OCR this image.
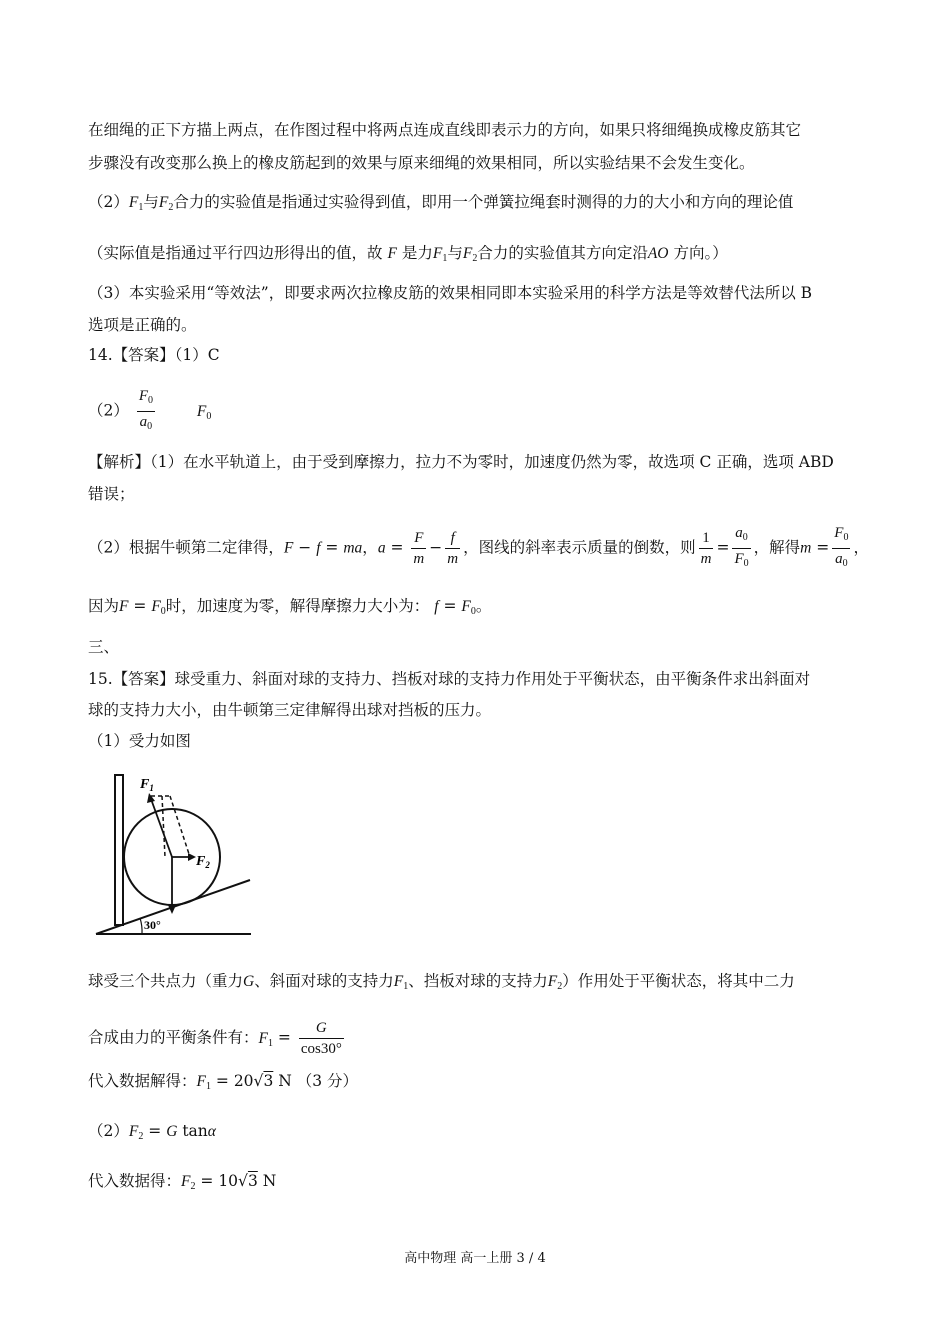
在细绳的正下方描上两点，在作图过程中将两点连成直线即表示力的方向，如果只将细绳换成橡皮筋其它
步骤没有改变那么换上的橡皮筋起到的效果与原来细绳的效果相同，所以实验结果不会发生变化。
$(2)F_1$与$F_2$合力的实验值是指通过实验得到值，即用一个弹簧拉绳套时测得的力的大小和方向的理论值
（实际值是指通过平行四边形得出的值，故 F 是力$F_1$与$F_2$合力的实验值其方向定沿AO 方向。）
（3）本实验采用“等效法”，即要求两次拉橡皮筋的效果相同即本实验采用的科学方法是等效替代法所以 B
选项是正确的。
14.【答案】（1）C
$(2) \frac{F_0}{a_0}$	$F_0$
【解析】（1）在水平轨道上，由于受到摩擦力，拉力不为零时，加速度仍然为零，故选项 C 正确，选项 ABD
错误；
（2）根据牛顿第二定律得，F − f = ma，$a = \frac{F}{m} - \frac{f}{m}$ ，图线的斜率表示质量的倒数，则 $\frac{1}{m} = \frac{a_0}{F_0}$ ，解得$m = \frac{F_0}{a_0}$ ，
因为$F = F_0$时，加速度为零，解得摩擦力大小为： $f = F_0$。
三、
15.【答案】球受重力、斜面对球的支持力、挡板对球的支持力作用处于平衡状态，由平衡条件求出斜面对
球的支持力大小，由牛顿第三定律解得出球对挡板的压力。
（1）受力如图
$F_1$
$F_2$
30°
球受三个共点力（重力G、斜面对球的支持力$F_1$、挡板对球的支持力$F_2$）作用处于平衡状态，将其中二力
合成由力的平衡条件有：$F_1 = \frac{G}{\cos 30^\circ}$
代入数据解得：$F_1 = 20√3$ N （3 分）
$(2)F_2 = G$ tanα
代入数据得：$F_2 = 10√3$ N
高中物理 高一上册 3 / 4
